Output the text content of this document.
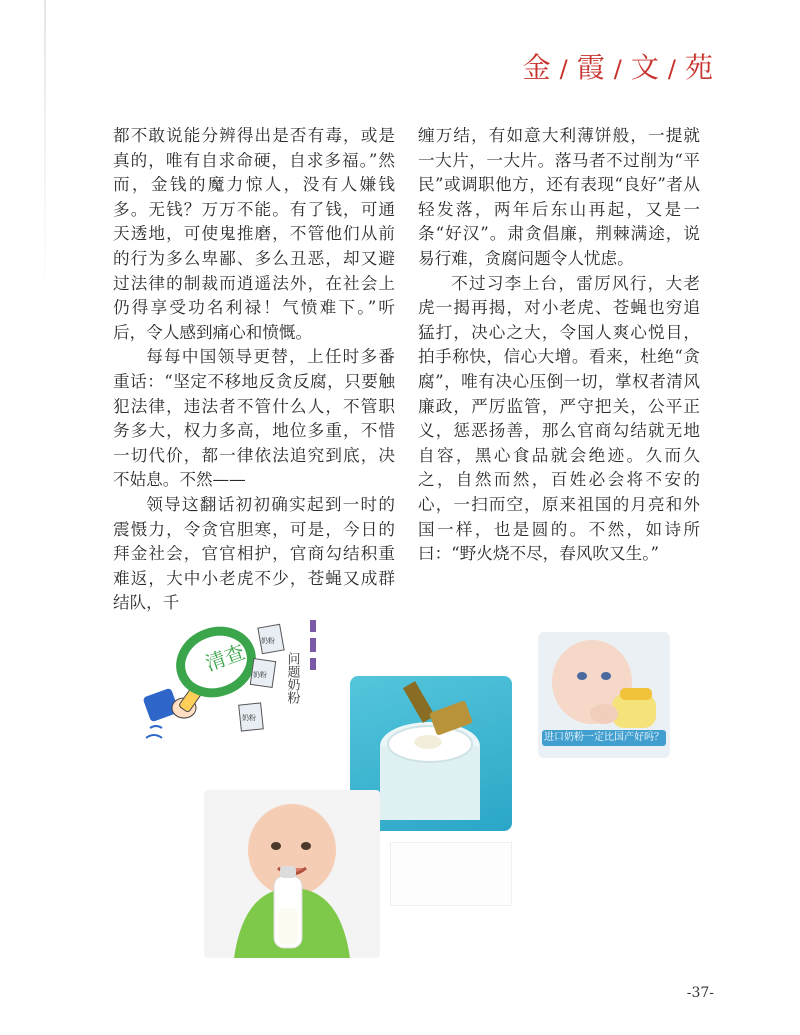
金 / 霞 / 文 / 苑

都不敢说能分辨得出是否有毒，或是真的，唯有自求命硬，自求多福。”然而，金钱的魔力惊人，没有人嫌钱多。无钱？万万不能。有了钱，可通天透地，可使鬼推磨，不管他们从前的行为多么卑鄙、多么丑恶，却又避过法律的制裁而逍遥法外，在社会上仍得享受功名利禄！气愤难下。”听后，令人感到痛心和愤慨。

每每中国领导更替，上任时多番重话：“坚定不移地反贪反腐，只要触犯法律，违法者不管什么人，不管职务多大，权力多高，地位多重，不惜一切代价，都一律依法追究到底，决不姑息。不然——

领导这翻话初初确实起到一时的震慑力，令贪官胆寒，可是，今日的拜金社会，官官相护，官商勾结积重难返，大中小老虎不少，苍蝇又成群结队，千

缠万结，有如意大利薄饼般，一提就一大片，一大片。落马者不过削为“平民”或调职他方，还有表现“良好”者从轻发落，两年后东山再起，又是一条“好汉”。肃贪倡廉，荆棘满途，说易行难，贪腐问题令人忧虑。

不过习李上台，雷厉风行，大老虎一揭再揭，对小老虎、苍蝇也穷追猛打，决心之大，令国人爽心悦目，拍手称快，信心大增。看来，杜绝“贪腐”，唯有决心压倒一切，掌权者清风廉政，严厉监管，严守把关，公平正义，惩恶扬善，那么官商勾结就无地自容，黑心食品就会绝迹。久而久之，自然而然，百姓必会将不安的心，一扫而空，原来祖国的月亮和外国一样，也是圆的。不然，如诗所曰：“野火烧不尽，春风吹又生。”

清查 奶粉
奶粉
奶粉
问题奶粉
进口奶粉一定比国产好吗？
-37-
